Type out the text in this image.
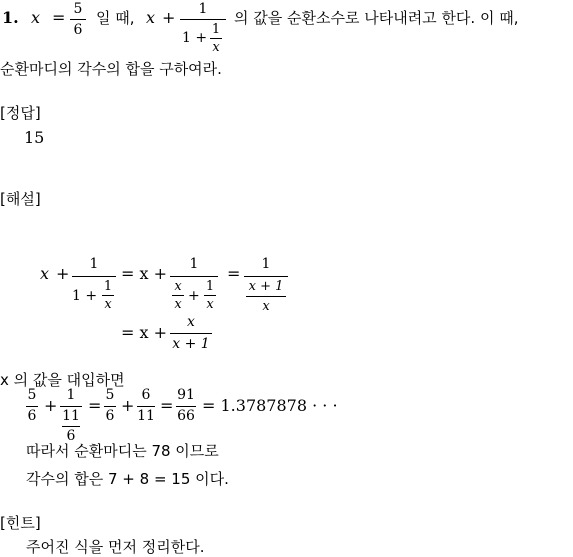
1. x = 5
6
일 때, x +	1
1 +
1
x
의 값을 순환소수로 나타내려고 한다. 이 때,
순환마디의 각수의 합을 구하여라.
[정답]
15
[해설]
x +	1
1 +
1
x
= x +	1
x
x
+
1
x
=	1
x + 1
x
= x +
x
x + 1
x 의 값을 대입하면
5
6
+
1
11
6
=
5
6
+
6
11
=
91
66
= 1.3787878 · · ·
따라서 순환마디는 78 이므로
각수의 합은 7 + 8 = 15 이다.
[힌트]
주어진 식을 먼저 정리한다.
